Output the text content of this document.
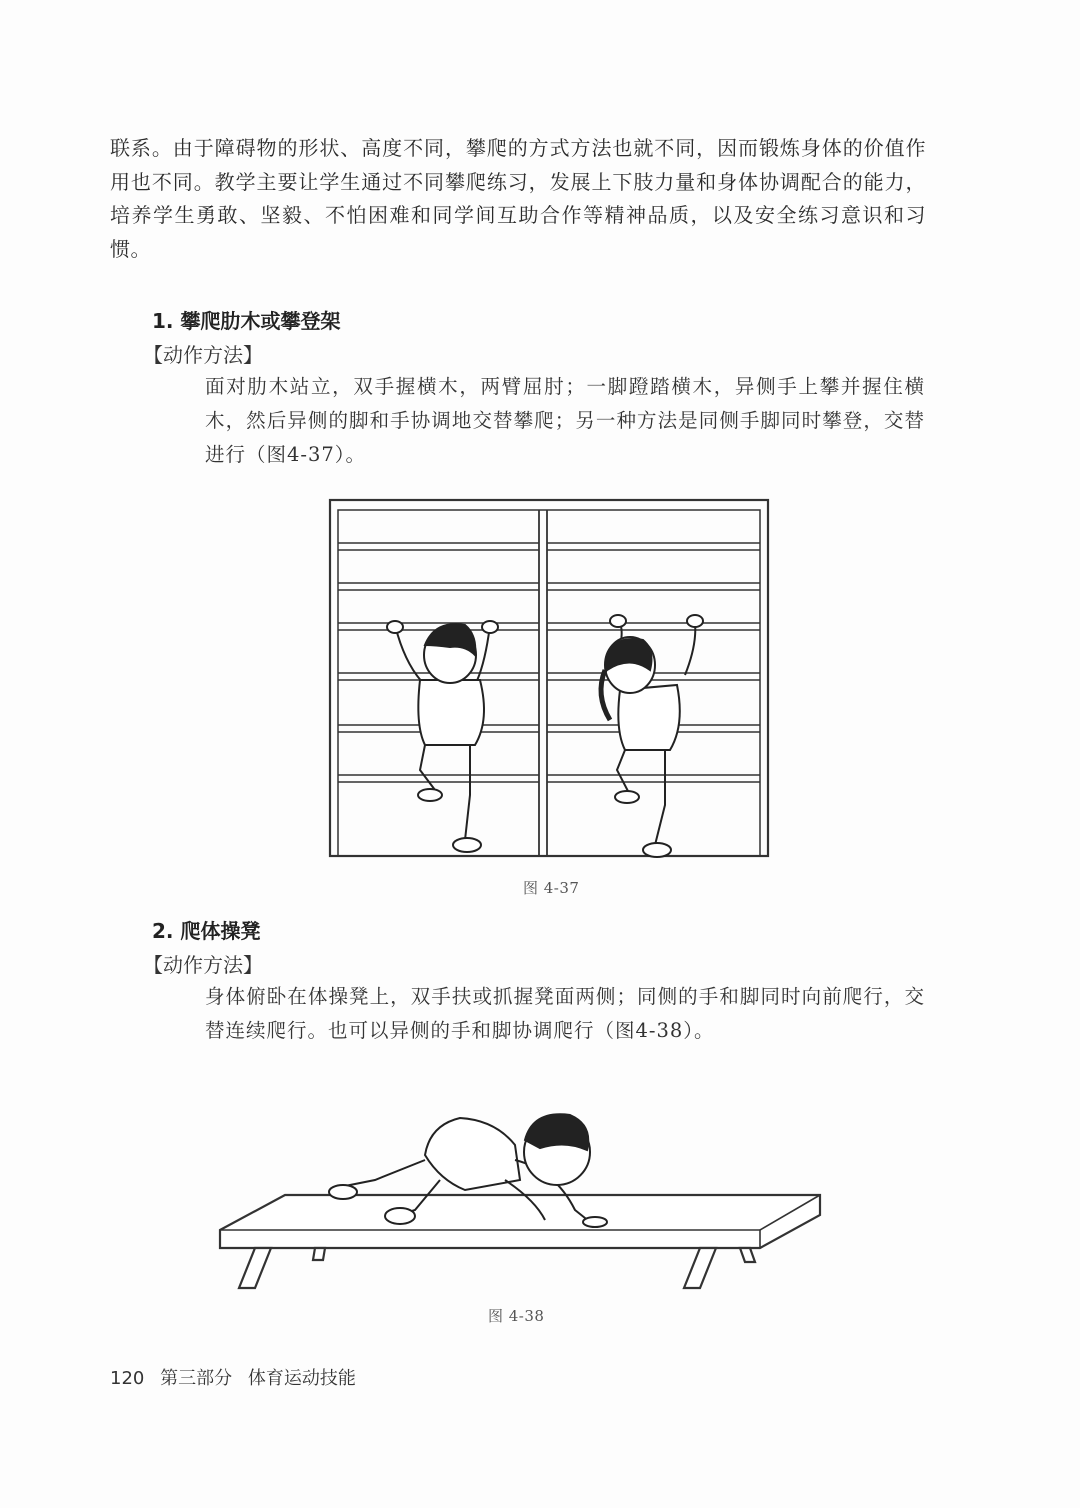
联系。由于障碍物的形状、高度不同，攀爬的方式方法也就不同，因而锻炼身体的价值作用也不同。教学主要让学生通过不同攀爬练习，发展上下肢力量和身体协调配合的能力，培养学生勇敢、坚毅、不怕困难和同学间互助合作等精神品质，以及安全练习意识和习惯。
1. 攀爬肋木或攀登架
【动作方法】
面对肋木站立，双手握横木，两臂屈肘；一脚蹬踏横木，异侧手上攀并握住横木，然后异侧的脚和手协调地交替攀爬；另一种方法是同侧手脚同时攀登，交替进行（图4-37）。
图 4-37
2. 爬体操凳
【动作方法】
身体俯卧在体操凳上，双手扶或抓握凳面两侧；同侧的手和脚同时向前爬行，交替连续爬行。也可以异侧的手和脚协调爬行（图4-38）。
图 4-38
120 第三部分 体育运动技能
